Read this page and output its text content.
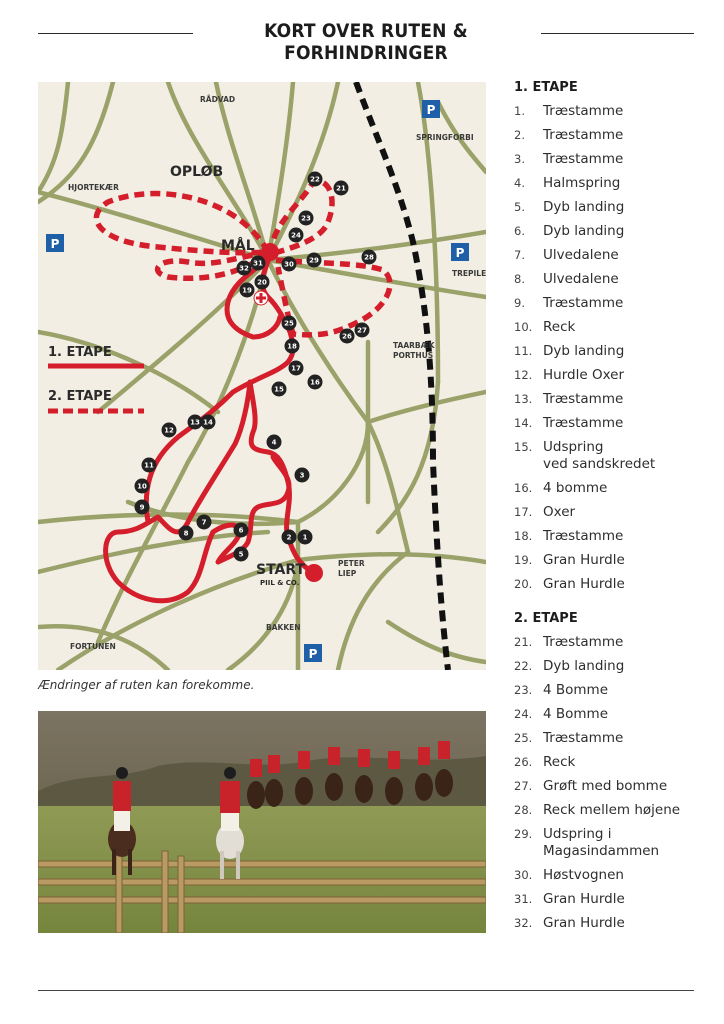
KORT OVER RUTEN & FORHINDRINGER
P
P
P
P
RÅDVAD
SPRINGFORBI
HJORTEKÆR
TREPILE
TAARBÆK
PORTHUS
PETER
LIEP
BAKKEN
FORTUNEN
OPLØB
MÅL
START
PIIL & CO.
1. ETAPE
2. ETAPE
1
2
3
4
5
6
7
8
9
10
11
12
13 14
15
16
17
18
19
20
21
22
23
24
25
26
27
28
29
30
31
32
Ændringer af ruten kan forekomme.
1. ETAPE
1.	Træstamme
2.	Træstamme
3.	Træstamme
4.	Halmspring
5.	Dyb landing
6.	Dyb landing
7.	Ulvedalene
8.	Ulvedalene
9.	Træstamme
10. Reck
11. Dyb landing
12. Hurdle Oxer
13. Træstamme
14. Træstamme
15. Udspring
ved sandskredet
16. 4 bomme
17. Oxer
18. Træstamme
19. Gran Hurdle
20. Gran Hurdle
2. ETAPE
21. Træstamme
22. Dyb landing
23. 4 Bomme
24. 4 Bomme
25. Træstamme
26. Reck
27. Grøft med bomme
28. Reck mellem højene
29. Udspring i Magasindammen
30. Høstvognen
31. Gran Hurdle
32. Gran Hurdle
